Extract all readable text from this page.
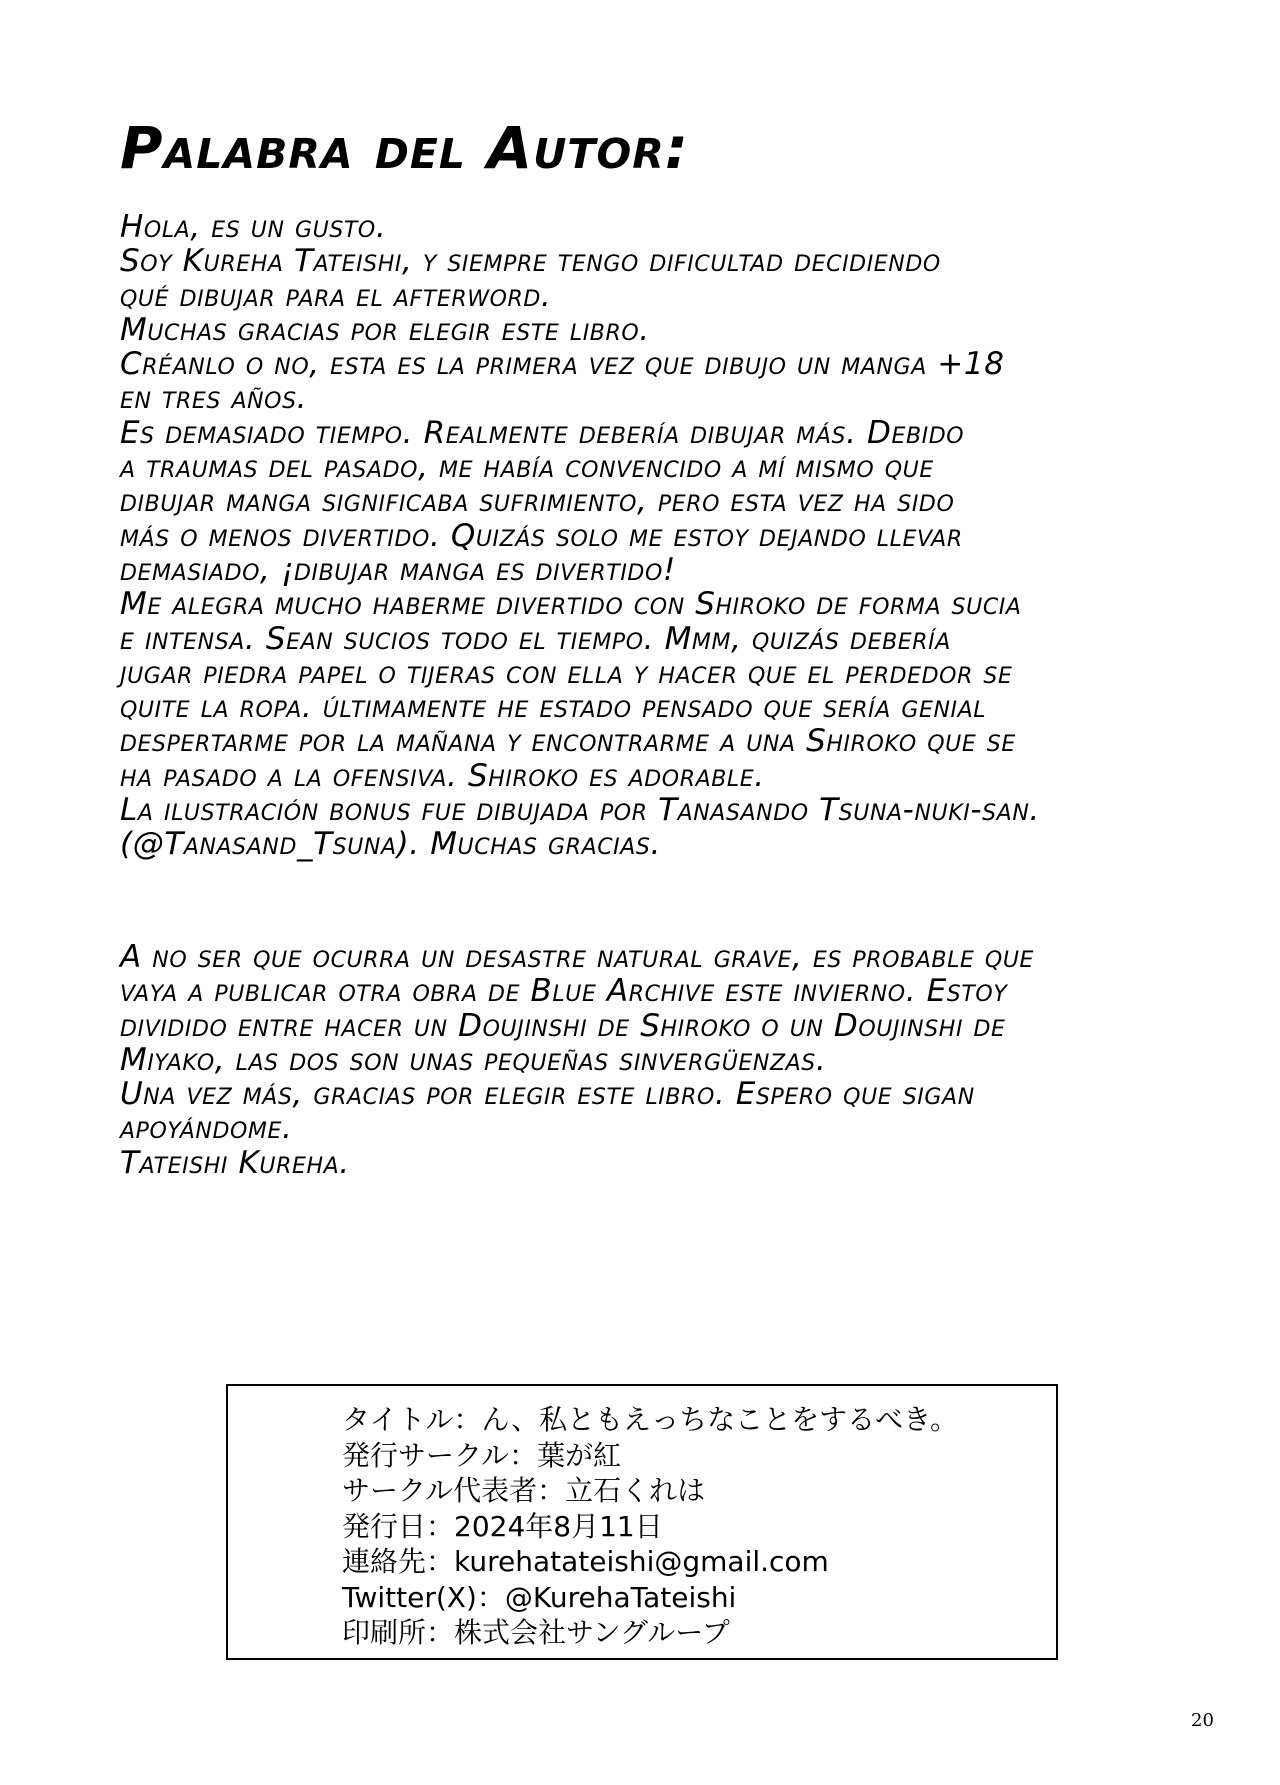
Palabra del Autor:
Hola, es un gusto.
Soy Kureha Tateishi, y siempre tengo dificultad decidiendo
qué dibujar para el afterword.
Muchas gracias por elegir este libro.
Créanlo o no, esta es la primera vez que dibujo un manga +18
en tres años.
Es demasiado tiempo. Realmente debería dibujar más. Debido
a traumas del pasado, me había convencido a mí mismo que
dibujar manga significaba sufrimiento, pero esta vez ha sido
más o menos divertido. Quizás solo me estoy dejando llevar
demasiado, ¡dibujar manga es divertido!
Me alegra mucho haberme divertido con Shiroko de forma sucia
e intensa. Sean sucios todo el tiempo. Mmm, quizás debería
jugar piedra papel o tijeras con ella y hacer que el perdedor se
quite la ropa. últimamente he estado pensado que sería genial
despertarme por la mañana y encontrarme a una Shiroko que se
ha pasado a la ofensiva. Shiroko es adorable.
La ilustración bonus fue dibujada por Tanasando Tsuna-nuki-san.
(@Tanasand_Tsuna). Muchas gracias.
A no ser que ocurra un desastre natural grave, es probable que
vaya a publicar otra obra de Blue Archive este invierno. Estoy
dividido entre hacer un Doujinshi de Shiroko o un Doujinshi de
Miyako, las dos son unas pequeñas sinvergüenzas.
Una vez más, gracias por elegir este libro. Espero que sigan
apoyándome.
Tateishi Kureha.
タイトル：ん、私ともえっちなことをするべき。
発行サークル：葉が紅
サークル代表者：立石くれは
発行日：2024年8月11日
連絡先：kurehatateishi@gmail.com
Twitter(X)：@KurehaTateishi
印刷所：株式会社サングループ
20
